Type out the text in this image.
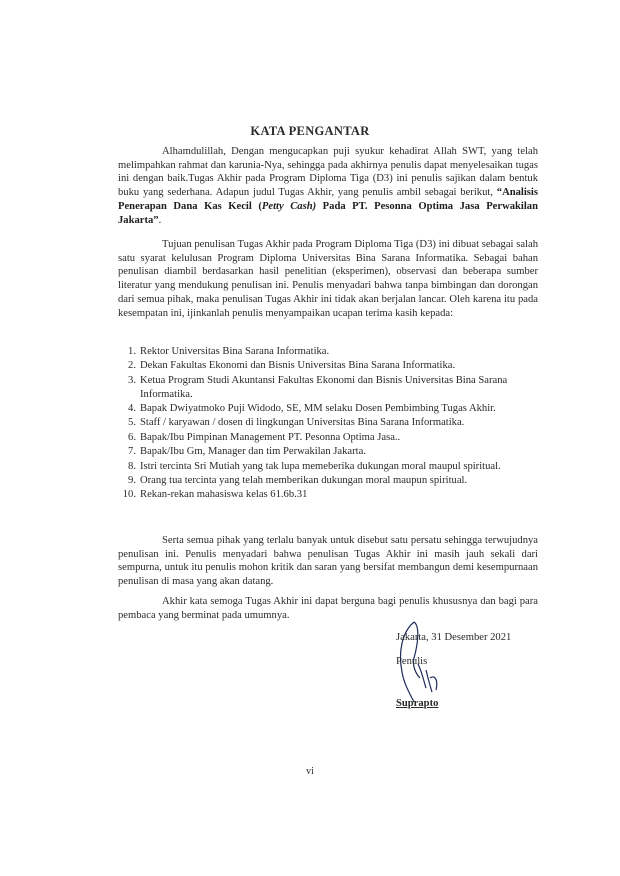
KATA PENGANTAR

Alhamdulillah, Dengan mengucapkan puji syukur kehadirat Allah SWT, yang telah melimpahkan rahmat dan karunia-Nya, sehingga pada akhirnya penulis dapat menyelesaikan tugas ini dengan baik.Tugas Akhir pada Program Diploma Tiga (D3) ini penulis sajikan dalam bentuk buku yang sederhana. Adapun judul Tugas Akhir, yang penulis ambil sebagai berikut, “Analisis Penerapan Dana Kas Kecil (Petty Cash) Pada PT. Pesonna Optima Jasa Perwakilan Jakarta”.

Tujuan penulisan Tugas Akhir pada Program Diploma Tiga (D3) ini dibuat sebagai salah satu syarat kelulusan Program Diploma Universitas Bina Sarana Informatika. Sebagai bahan penulisan diambil berdasarkan hasil penelitian (eksperimen), observasi dan beberapa sumber literatur yang mendukung penulisan ini. Penulis menyadari bahwa tanpa bimbingan dan dorongan dari semua pihak, maka penulisan Tugas Akhir ini tidak akan berjalan lancar. Oleh karena itu pada kesempatan ini, ijinkanlah penulis menyampaikan ucapan terima kasih kepada:

1. Rektor Universitas Bina Sarana Informatika.
2. Dekan Fakultas Ekonomi dan Bisnis Universitas Bina Sarana Informatika.
3. Ketua Program Studi Akuntansi Fakultas Ekonomi dan Bisnis Universitas Bina Sarana Informatika.
4. Bapak Dwiyatmoko Puji Widodo, SE, MM selaku Dosen Pembimbing Tugas Akhir.
5. Staff / karyawan / dosen di lingkungan Universitas Bina Sarana Informatika.
6. Bapak/Ibu Pimpinan Management PT. Pesonna Optima Jasa..
7. Bapak/Ibu Gm, Manager dan tim Perwakilan Jakarta.
8. Istri tercinta Sri Mutiah yang tak lupa memeberika dukungan moral maupul spiritual.
9. Orang tua tercinta yang telah memberikan dukungan moral maupun spiritual.
10. Rekan-rekan mahasiswa kelas 61.6b.31

Serta semua pihak yang terlalu banyak untuk disebut satu persatu sehingga terwujudnya penulisan ini. Penulis menyadari bahwa penulisan Tugas Akhir ini masih jauh sekali dari sempurna, untuk itu penulis mohon kritik dan saran yang bersifat membangun demi kesempurnaan penulisan di masa yang akan datang.

Akhir kata semoga Tugas Akhir ini dapat berguna bagi penulis khususnya dan bagi para pembaca yang berminat pada umumnya.

Jakarta, 31 Desember 2021
Penulis
Suprapto
vi
